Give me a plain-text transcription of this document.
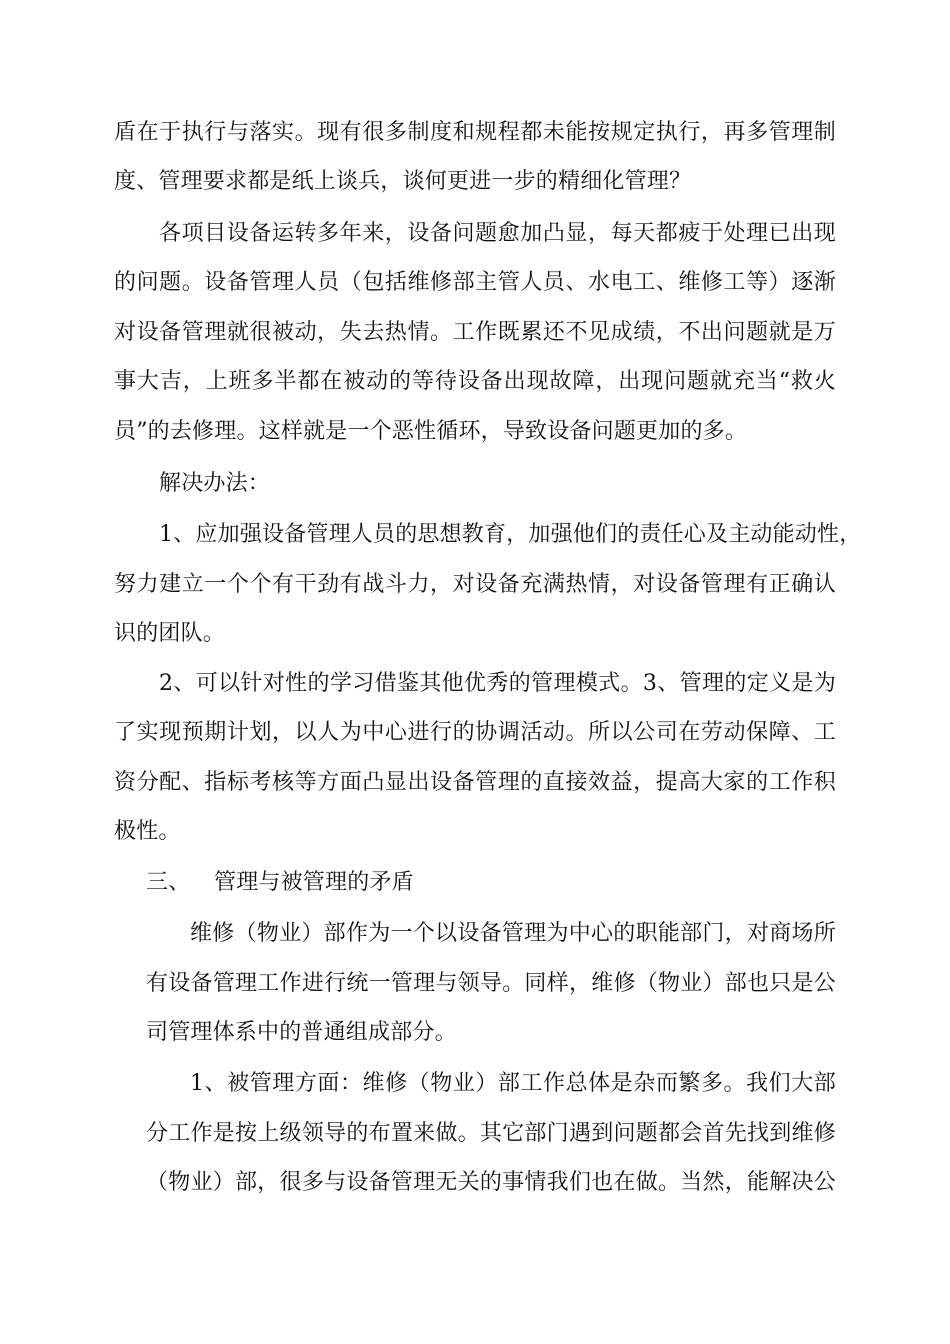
盾在于执行与落实。现有很多制度和规程都未能按规定执行，再多管理制
度、管理要求都是纸上谈兵，谈何更进一步的精细化管理？
各项目设备运转多年来，设备问题愈加凸显，每天都疲于处理已出现
的问题。设备管理人员（包括维修部主管人员、水电工、维修工等）逐渐
对设备管理就很被动，失去热情。工作既累还不见成绩，不出问题就是万
事大吉，上班多半都在被动的等待设备出现故障，出现问题就充当“救火
员”的去修理。这样就是一个恶性循环，导致设备问题更加的多。
解决办法：
1、应加强设备管理人员的思想教育，加强他们的责任心及主动能动性，
努力建立一个个有干劲有战斗力，对设备充满热情，对设备管理有正确认
识的团队。
2、可以针对性的学习借鉴其他优秀的管理模式。3、管理的定义是为
了实现预期计划，以人为中心进行的协调活动。所以公司在劳动保障、工
资分配、指标考核等方面凸显出设备管理的直接效益，提高大家的工作积
极性。
三、 管理与被管理的矛盾
维修（物业）部作为一个以设备管理为中心的职能部门，对商场所
有设备管理工作进行统一管理与领导。同样，维修（物业）部也只是公
司管理体系中的普通组成部分。
1、被管理方面：维修（物业）部工作总体是杂而繁多。我们大部
分工作是按上级领导的布置来做。其它部门遇到问题都会首先找到维修
（物业）部，很多与设备管理无关的事情我们也在做。当然，能解决公
